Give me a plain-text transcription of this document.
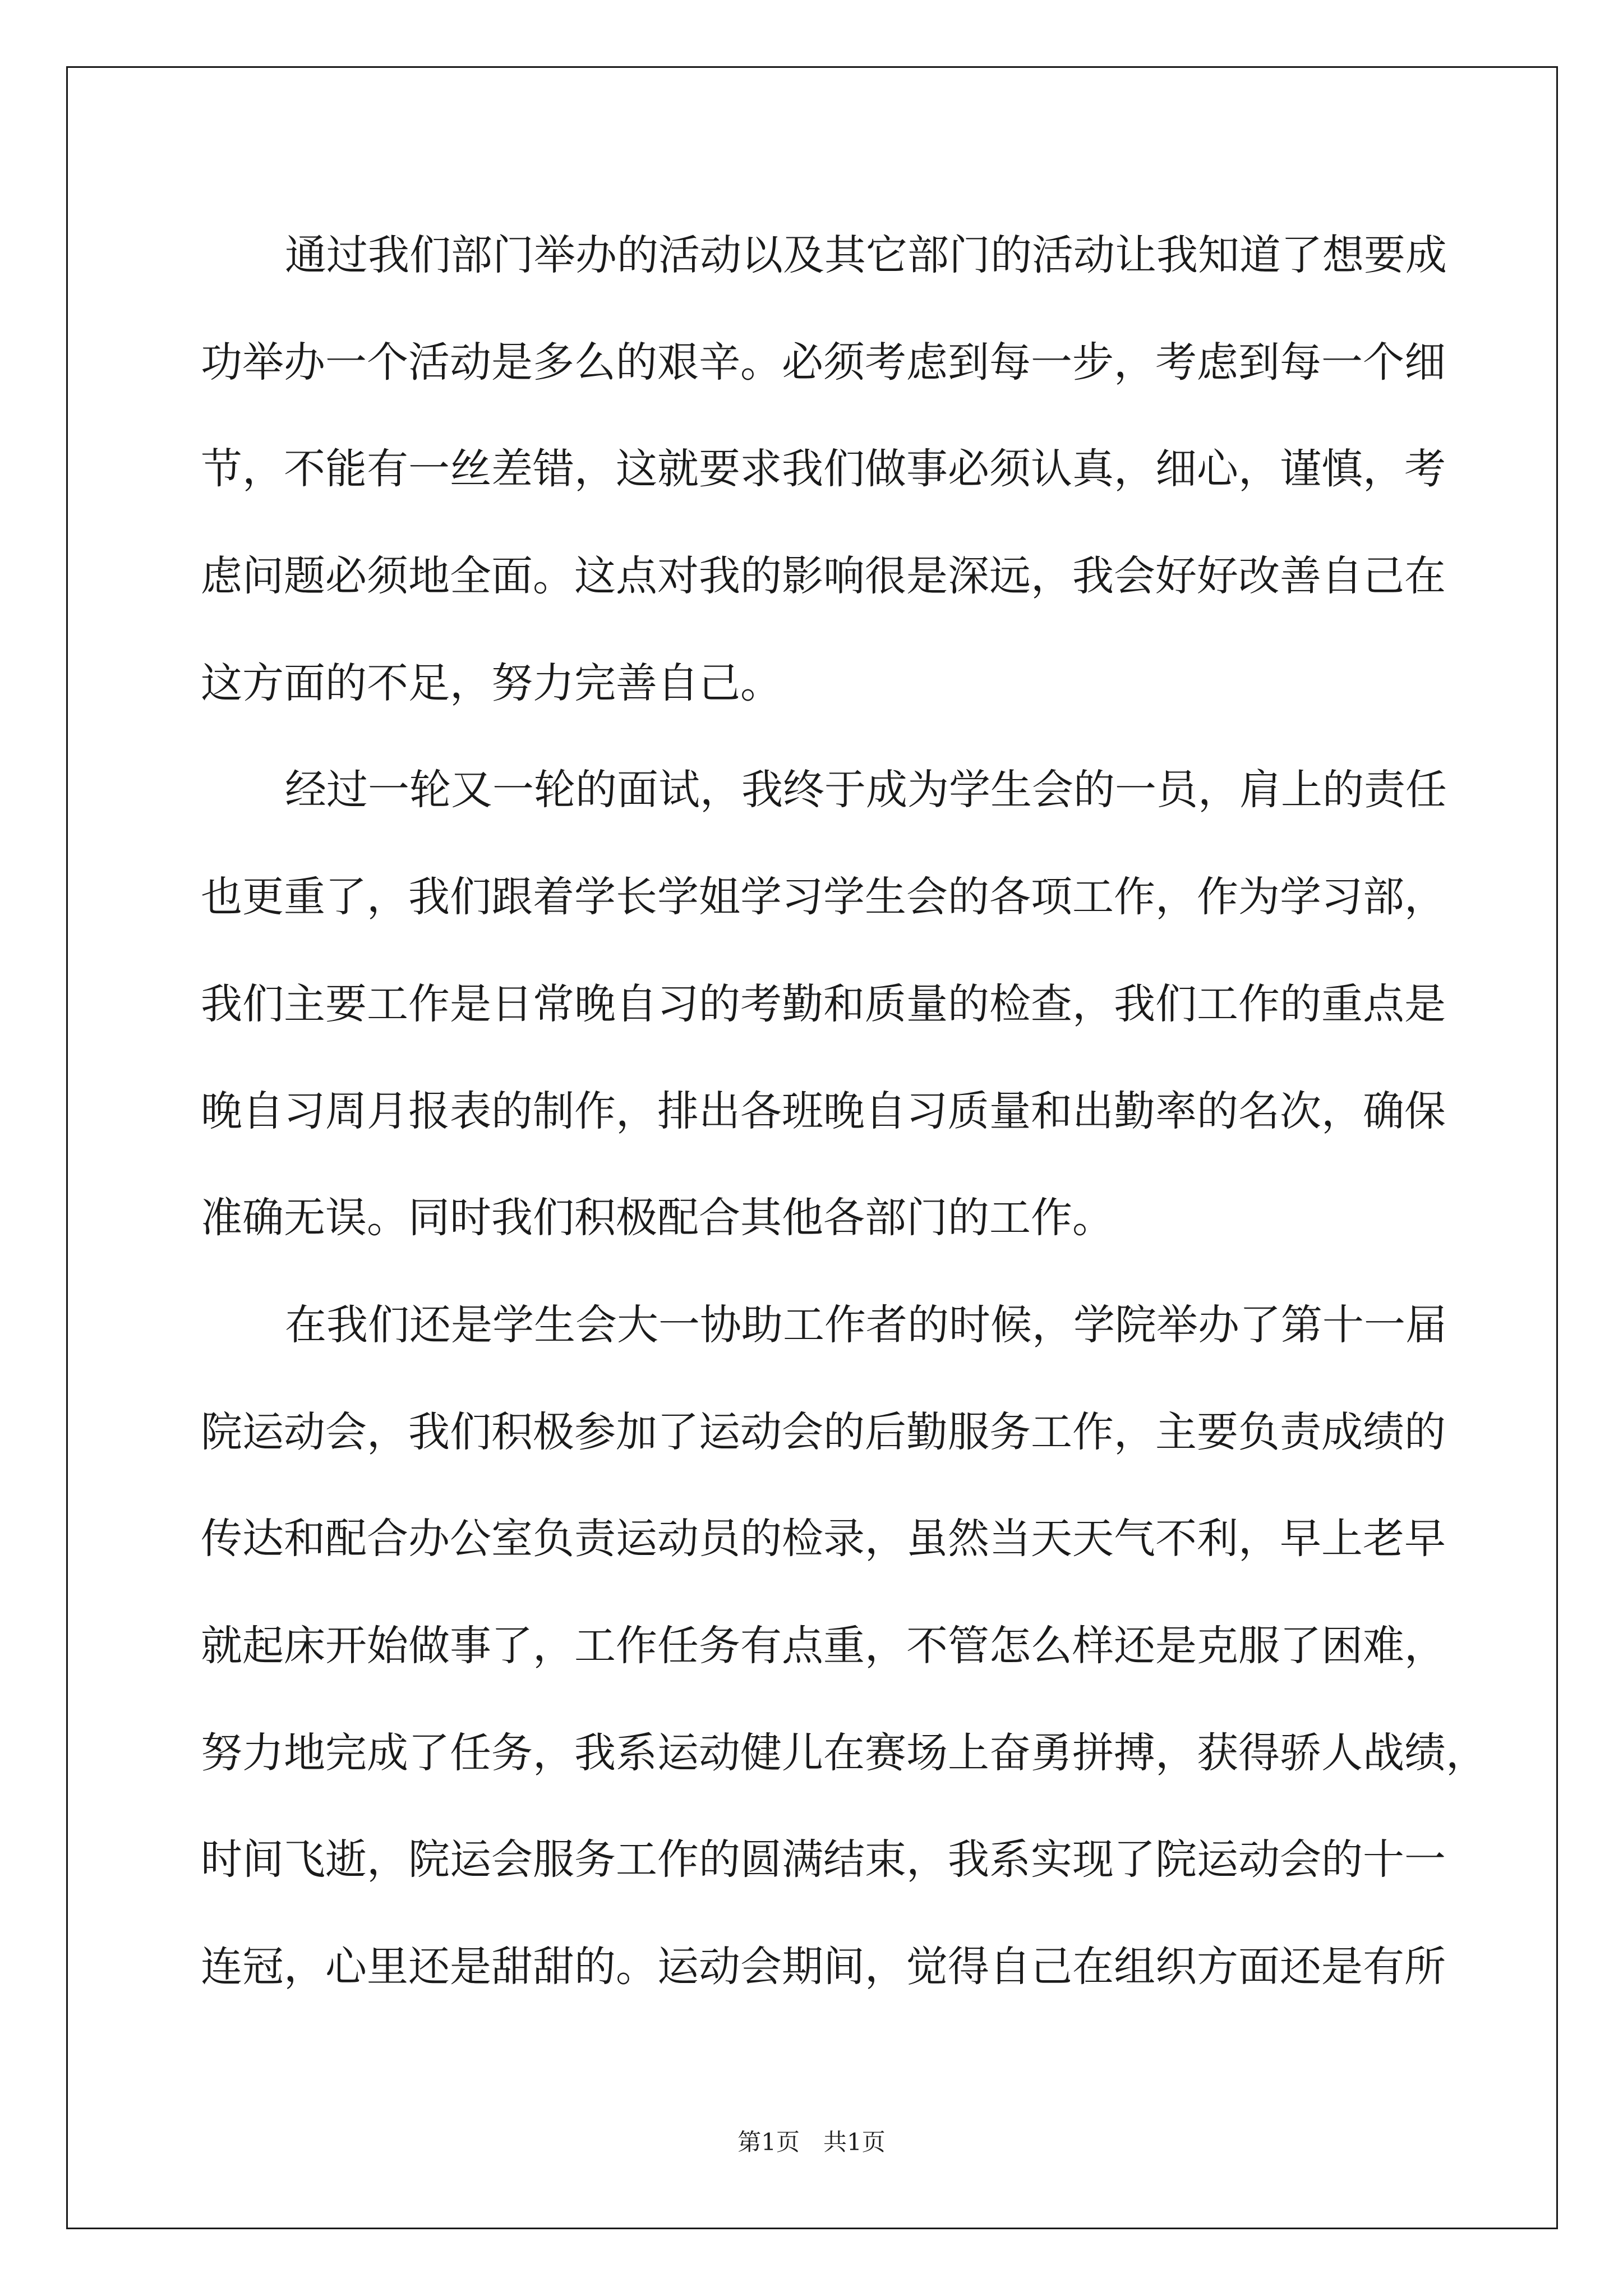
通过我们部门举办的活动以及其它部门的活动让我知道了想要成
功举办一个活动是多么的艰辛。必须考虑到每一步，考虑到每一个细
节，不能有一丝差错，这就要求我们做事必须认真，细心，谨慎，考
虑问题必须地全面。这点对我的影响很是深远，我会好好改善自己在
这方面的不足，努力完善自己。
经过一轮又一轮的面试，我终于成为学生会的一员，肩上的责任
也更重了，我们跟着学长学姐学习学生会的各项工作，作为学习部，
我们主要工作是日常晚自习的考勤和质量的检查，我们工作的重点是
晚自习周月报表的制作，排出各班晚自习质量和出勤率的名次，确保
准确无误。同时我们积极配合其他各部门的工作。
在我们还是学生会大一协助工作者的时候，学院举办了第十一届
院运动会，我们积极参加了运动会的后勤服务工作，主要负责成绩的
传达和配合办公室负责运动员的检录，虽然当天天气不利，早上老早
就起床开始做事了，工作任务有点重，不管怎么样还是克服了困难，
努力地完成了任务，我系运动健儿在赛场上奋勇拼搏，获得骄人战绩，
时间飞逝，院运会服务工作的圆满结束，我系实现了院运动会的十一
连冠，心里还是甜甜的。运动会期间，觉得自己在组织方面还是有所
第1页　共1页
